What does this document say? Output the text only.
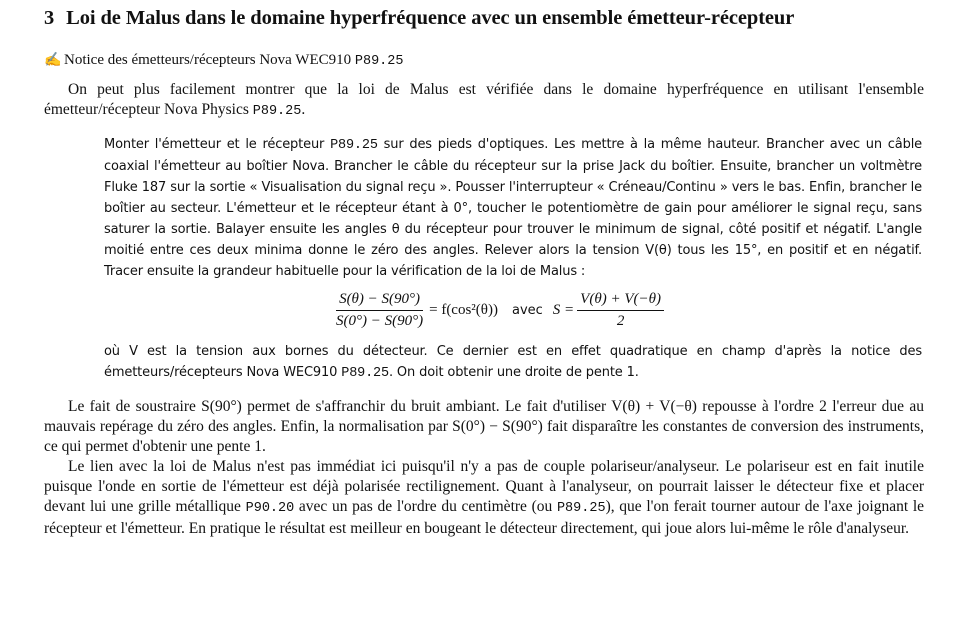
3 Loi de Malus dans le domaine hyperfréquence avec un ensemble émetteur-récepteur
✍ Notice des émetteurs/récepteurs Nova WEC910 P89.25
On peut plus facilement montrer que la loi de Malus est vérifiée dans le domaine hyperfréquence en utilisant l'ensemble émetteur/récepteur Nova Physics P89.25.
Monter l'émetteur et le récepteur P89.25 sur des pieds d'optiques. Les mettre à la même hauteur. Brancher avec un câble coaxial l'émetteur au boîtier Nova. Brancher le câble du récepteur sur la prise Jack du boîtier. Ensuite, brancher un voltmètre Fluke 187 sur la sortie « Visualisation du signal reçu ». Pousser l'interrupteur « Créneau/Continu » vers le bas. Enfin, brancher le boîtier au secteur. L'émetteur et le récepteur étant à 0°, toucher le potentiomètre de gain pour améliorer le signal reçu, sans saturer la sortie. Balayer ensuite les angles θ du récepteur pour trouver le minimum de signal, côté positif et négatif. L'angle moitié entre ces deux minima donne le zéro des angles. Relever alors la tension V(θ) tous les 15°, en positif et en négatif. Tracer ensuite la grandeur habituelle pour la vérification de la loi de Malus :
$\frac{S(\theta) - S(90^\circ)}{S(0^\circ) - S(90^\circ)} = f(\cos^2(\theta))$ avec $S = \frac{V(\theta) + V(-\theta)}{2}$
où V est la tension aux bornes du détecteur. Ce dernier est en effet quadratique en champ d'après la notice des émetteurs/récepteurs Nova WEC910 P89.25. On doit obtenir une droite de pente 1.
Le fait de soustraire S(90°) permet de s'affranchir du bruit ambiant. Le fait d'utiliser V(θ) + V(−θ) repousse à l'ordre 2 l'erreur due au mauvais repérage du zéro des angles. Enfin, la normalisation par S(0°) − S(90°) fait disparaître les constantes de conversion des instruments, ce qui permet d'obtenir une pente 1.
Le lien avec la loi de Malus n'est pas immédiat ici puisqu'il n'y a pas de couple polariseur/analyseur. Le polariseur est en fait inutile puisque l'onde en sortie de l'émetteur est déjà polarisée rectilignement. Quant à l'analyseur, on pourrait laisser le détecteur fixe et placer devant lui une grille métallique P90.20 avec un pas de l'ordre du centimètre (ou P89.25), que l'on ferait tourner autour de l'axe joignant le récepteur et l'émetteur. En pratique le résultat est meilleur en bougeant le détecteur directement, qui joue alors lui-même le rôle d'analyseur.
